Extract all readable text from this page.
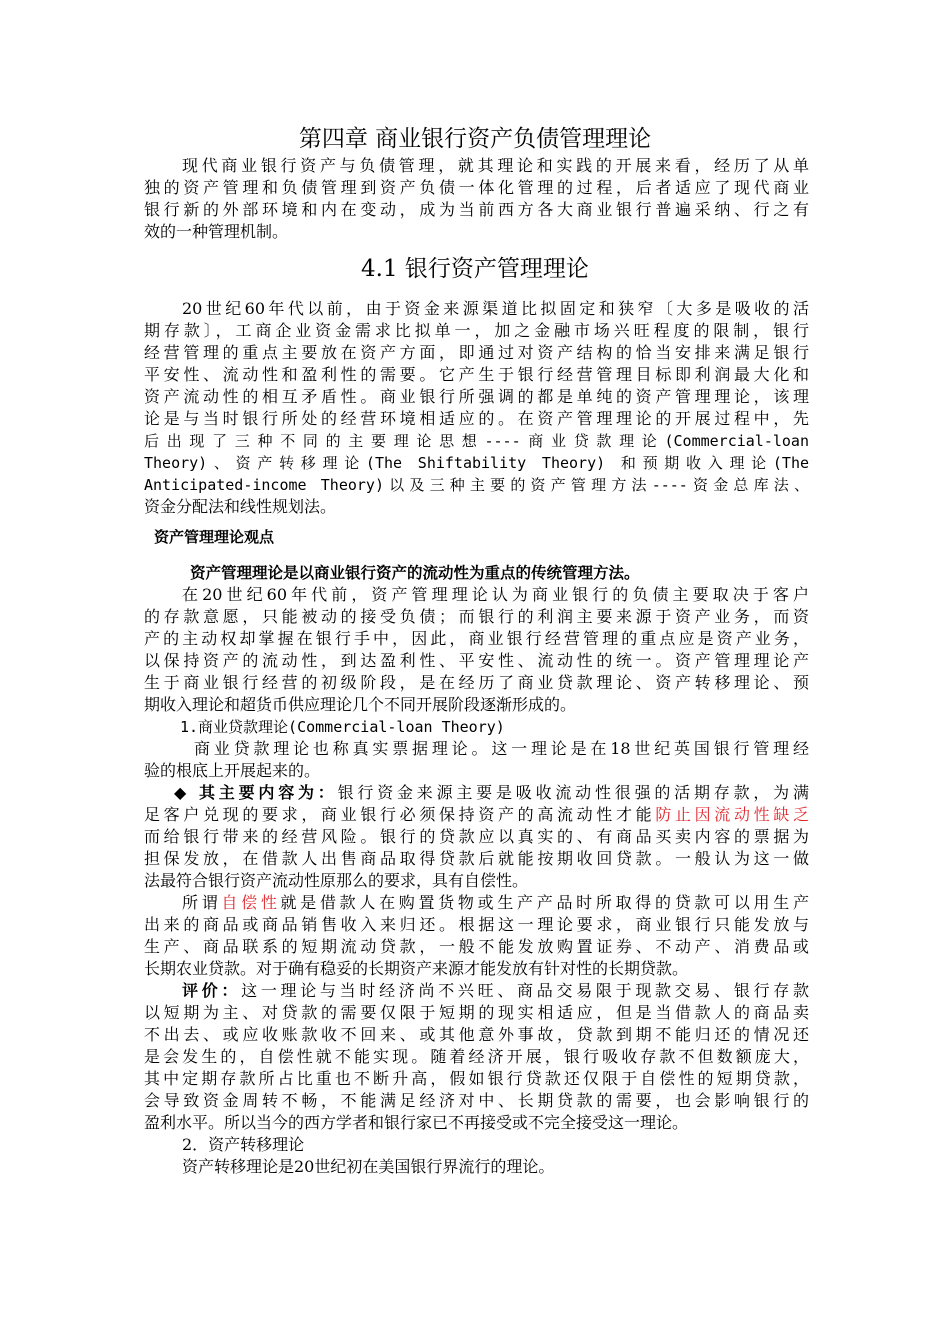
第四章 商业银行资产负债管理理论
现代商业银行资产与负债管理，就其理论和实践的开展来看，经历了从单
独的资产管理和负债管理到资产负债一体化管理的过程，后者适应了现代商业
银行新的外部环境和内在变动，成为当前西方各大商业银行普遍采纳、行之有
效的一种管理机制。
4.1 银行资产管理理论
20世纪60年代以前，由于资金来源渠道比拟固定和狭窄〔大多是吸收的活
期存款〕，工商企业资金需求比拟单一，加之金融市场兴旺程度的限制，银行
经营管理的重点主要放在资产方面，即通过对资产结构的恰当安排来满足银行
平安性、流动性和盈利性的需要。它产生于银行经营管理目标即利润最大化和
资产流动性的相互矛盾性。商业银行所强调的都是单纯的资产管理理论，该理
论是与当时银行所处的经营环境相适应的。在资产管理理论的开展过程中，先
后出现了三种不同的主要理论思想----商业贷款理论(Commercial-loan
Theory)、资产转移理论(The Shiftability Theory) 和预期收入理论(The
Anticipated-income Theory)以及三种主要的资产管理方法----资金总库法、
资金分配法和线性规划法。
资产管理理论观点
资产管理理论是以商业银行资产的流动性为重点的传统管理方法。
在20世纪60年代前，资产管理理论认为商业银行的负债主要取决于客户
的存款意愿，只能被动的接受负债；而银行的利润主要来源于资产业务，而资
产的主动权却掌握在银行手中，因此，商业银行经营管理的重点应是资产业务，
以保持资产的流动性，到达盈利性、平安性、流动性的统一。资产管理理论产
生于商业银行经营的初级阶段，是在经历了商业贷款理论、资产转移理论、预
期收入理论和超货币供应理论几个不同开展阶段逐渐形成的。
1.商业贷款理论(Commercial-loan Theory)
商业贷款理论也称真实票据理论。这一理论是在18世纪英国银行管理经
验的根底上开展起来的。
◆ 其主要内容为：银行资金来源主要是吸收流动性很强的活期存款，为满
足客户兑现的要求，商业银行必须保持资产的高流动性才能防止因流动性缺乏
而给银行带来的经营风险。银行的贷款应以真实的、有商品买卖内容的票据为
担保发放，在借款人出售商品取得贷款后就能按期收回贷款。一般认为这一做
法最符合银行资产流动性原那么的要求，具有自偿性。
所谓自偿性就是借款人在购置货物或生产产品时所取得的贷款可以用生产
出来的商品或商品销售收入来归还。根据这一理论要求，商业银行只能发放与
生产、商品联系的短期流动贷款，一般不能发放购置证券、不动产、消费品或
长期农业贷款。对于确有稳妥的长期资产来源才能发放有针对性的长期贷款。
评价：这一理论与当时经济尚不兴旺、商品交易限于现款交易、银行存款
以短期为主、对贷款的需要仅限于短期的现实相适应，但是当借款人的商品卖
不出去、或应收账款收不回来、或其他意外事故，贷款到期不能归还的情况还
是会发生的，自偿性就不能实现。随着经济开展，银行吸收存款不但数额庞大，
其中定期存款所占比重也不断升高，假如银行贷款还仅限于自偿性的短期贷款，
会导致资金周转不畅，不能满足经济对中、长期贷款的需要，也会影响银行的
盈利水平。所以当今的西方学者和银行家已不再接受或不完全接受这一理论。
2．资产转移理论
资产转移理论是20世纪初在美国银行界流行的理论。
